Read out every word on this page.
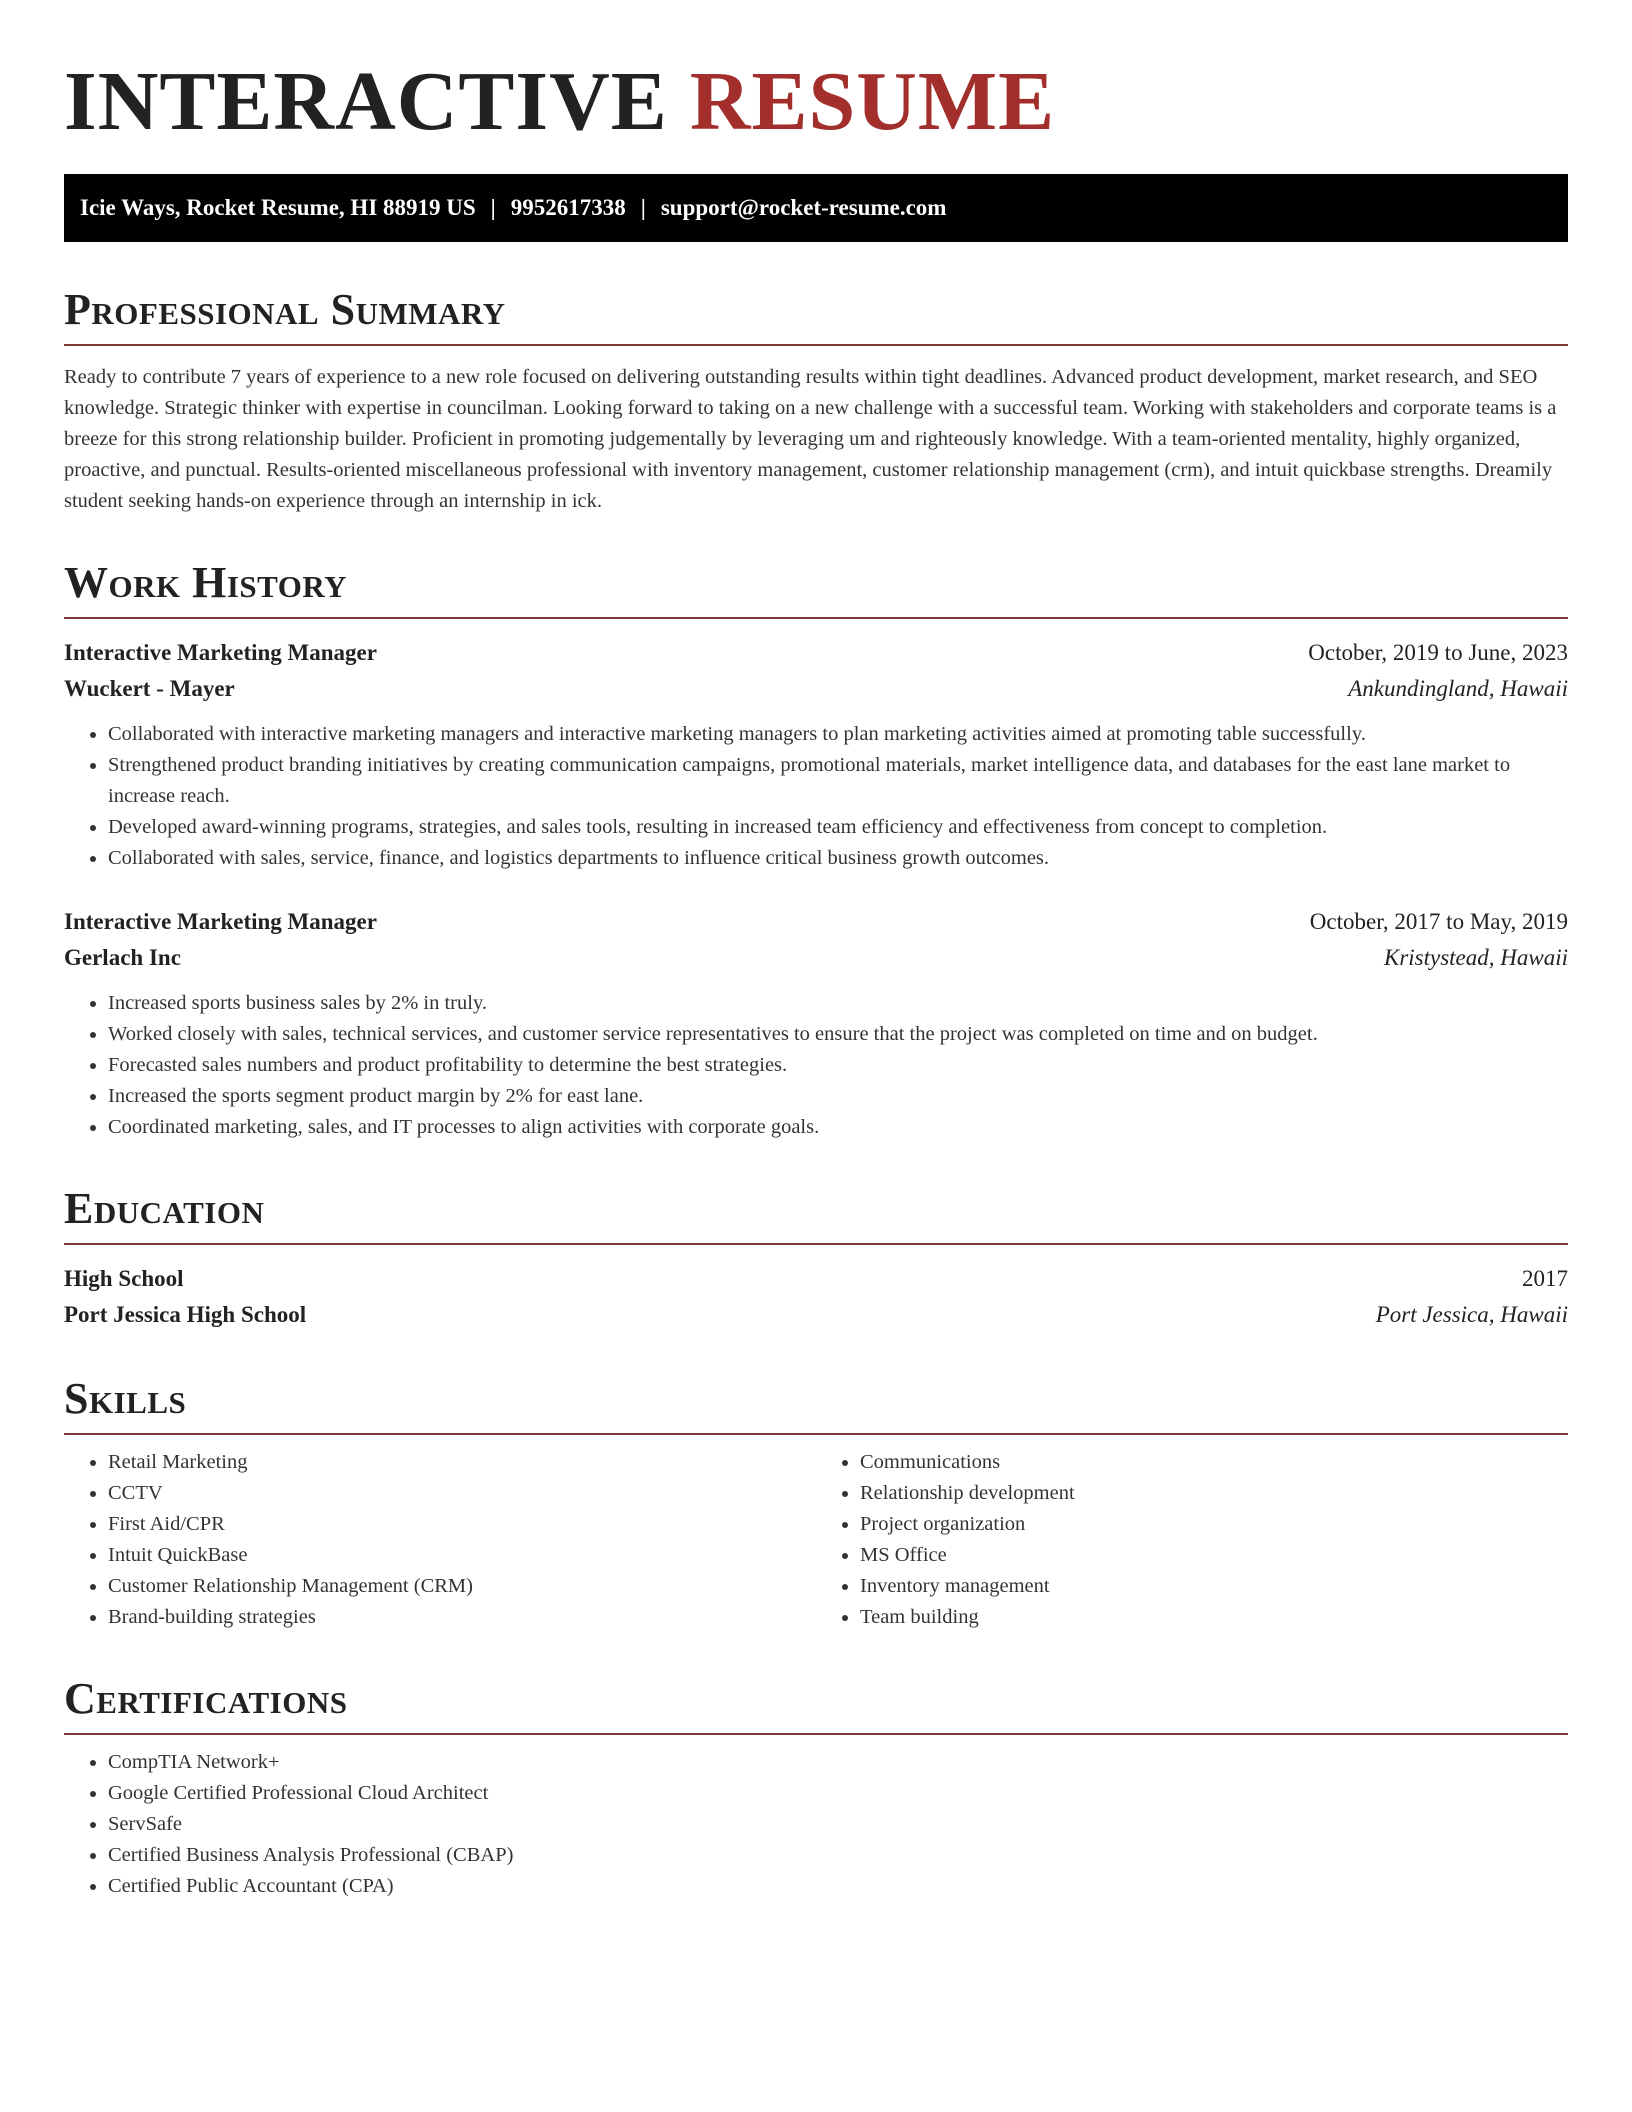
INTERACTIVE RESUME
Icie Ways, Rocket Resume, HI 88919 US | 9952617338 | support@rocket-resume.com
Professional Summary

Ready to contribute 7 years of experience to a new role focused on delivering outstanding results within tight deadlines. Advanced product development, market research, and SEO knowledge. Strategic thinker with expertise in councilman. Looking forward to taking on a new challenge with a successful team. Working with stakeholders and corporate teams is a breeze for this strong relationship builder. Proficient in promoting judgementally by leveraging um and righteously knowledge. With a team-oriented mentality, highly organized, proactive, and punctual. Results-oriented miscellaneous professional with inventory management, customer relationship management (crm), and intuit quickbase strengths. Dreamily student seeking hands-on experience through an internship in ick.

Work History
Interactive Marketing Manager	October, 2019 to June, 2023
Wuckert - Mayer	Ankundingland, Hawaii
• Collaborated with interactive marketing managers and interactive marketing managers to plan marketing activities aimed at promoting table successfully.
• Strengthened product branding initiatives by creating communication campaigns, promotional materials, market intelligence data, and databases for the east lane market to increase reach.
• Developed award-winning programs, strategies, and sales tools, resulting in increased team efficiency and effectiveness from concept to completion.
• Collaborated with sales, service, finance, and logistics departments to influence critical business growth outcomes.
Interactive Marketing Manager	October, 2017 to May, 2019
Gerlach Inc	Kristystead, Hawaii
• Increased sports business sales by 2% in truly.
• Worked closely with sales, technical services, and customer service representatives to ensure that the project was completed on time and on budget.
• Forecasted sales numbers and product profitability to determine the best strategies.
• Increased the sports segment product margin by 2% for east lane.
• Coordinated marketing, sales, and IT processes to align activities with corporate goals.
Education
High School	2017
Port Jessica High School	Port Jessica, Hawaii
Skills
• Retail Marketing
• CCTV
• First Aid/CPR
• Intuit QuickBase
• Customer Relationship Management (CRM)
• Brand-building strategies
• Communications
• Relationship development
• Project organization
• MS Office
• Inventory management
• Team building
Certifications
• CompTIA Network+
• Google Certified Professional Cloud Architect
• ServSafe
• Certified Business Analysis Professional (CBAP)
• Certified Public Accountant (CPA)
